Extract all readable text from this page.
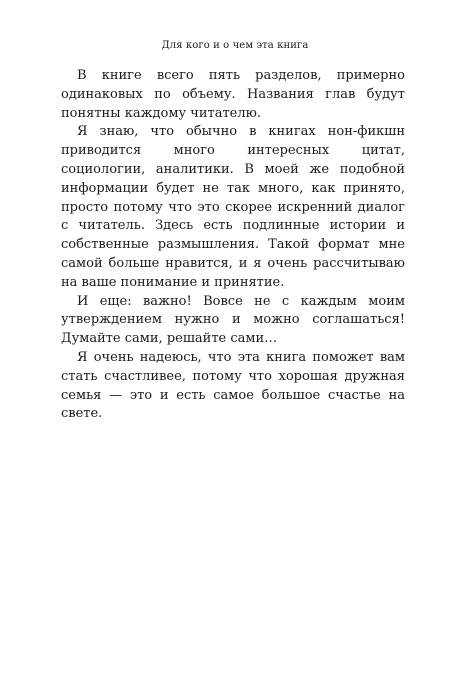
Для кого и о чем эта книга

В книге всего пять разделов, примерно одинаковых по объему. Названия глав будут понятны каждому читателю.

Я знаю, что обычно в книгах нон-фикшн приводится много интересных цитат, социологии, аналитики. В моей же подобной информации будет не так много, как принято, просто потому что это скорее искренний диалог с читатель. Здесь есть подлинные истории и собственные размышления. Такой формат мне самой больше нравится, и я очень рассчитываю на ваше понимание и принятие.

И еще: важно! Вовсе не с каждым моим утверждением нужно и можно соглашаться! Думайте сами, решайте сами…

Я очень надеюсь, что эта книга поможет вам стать счастливее, потому что хорошая дружная семья — это и есть самое большое счастье на свете.
